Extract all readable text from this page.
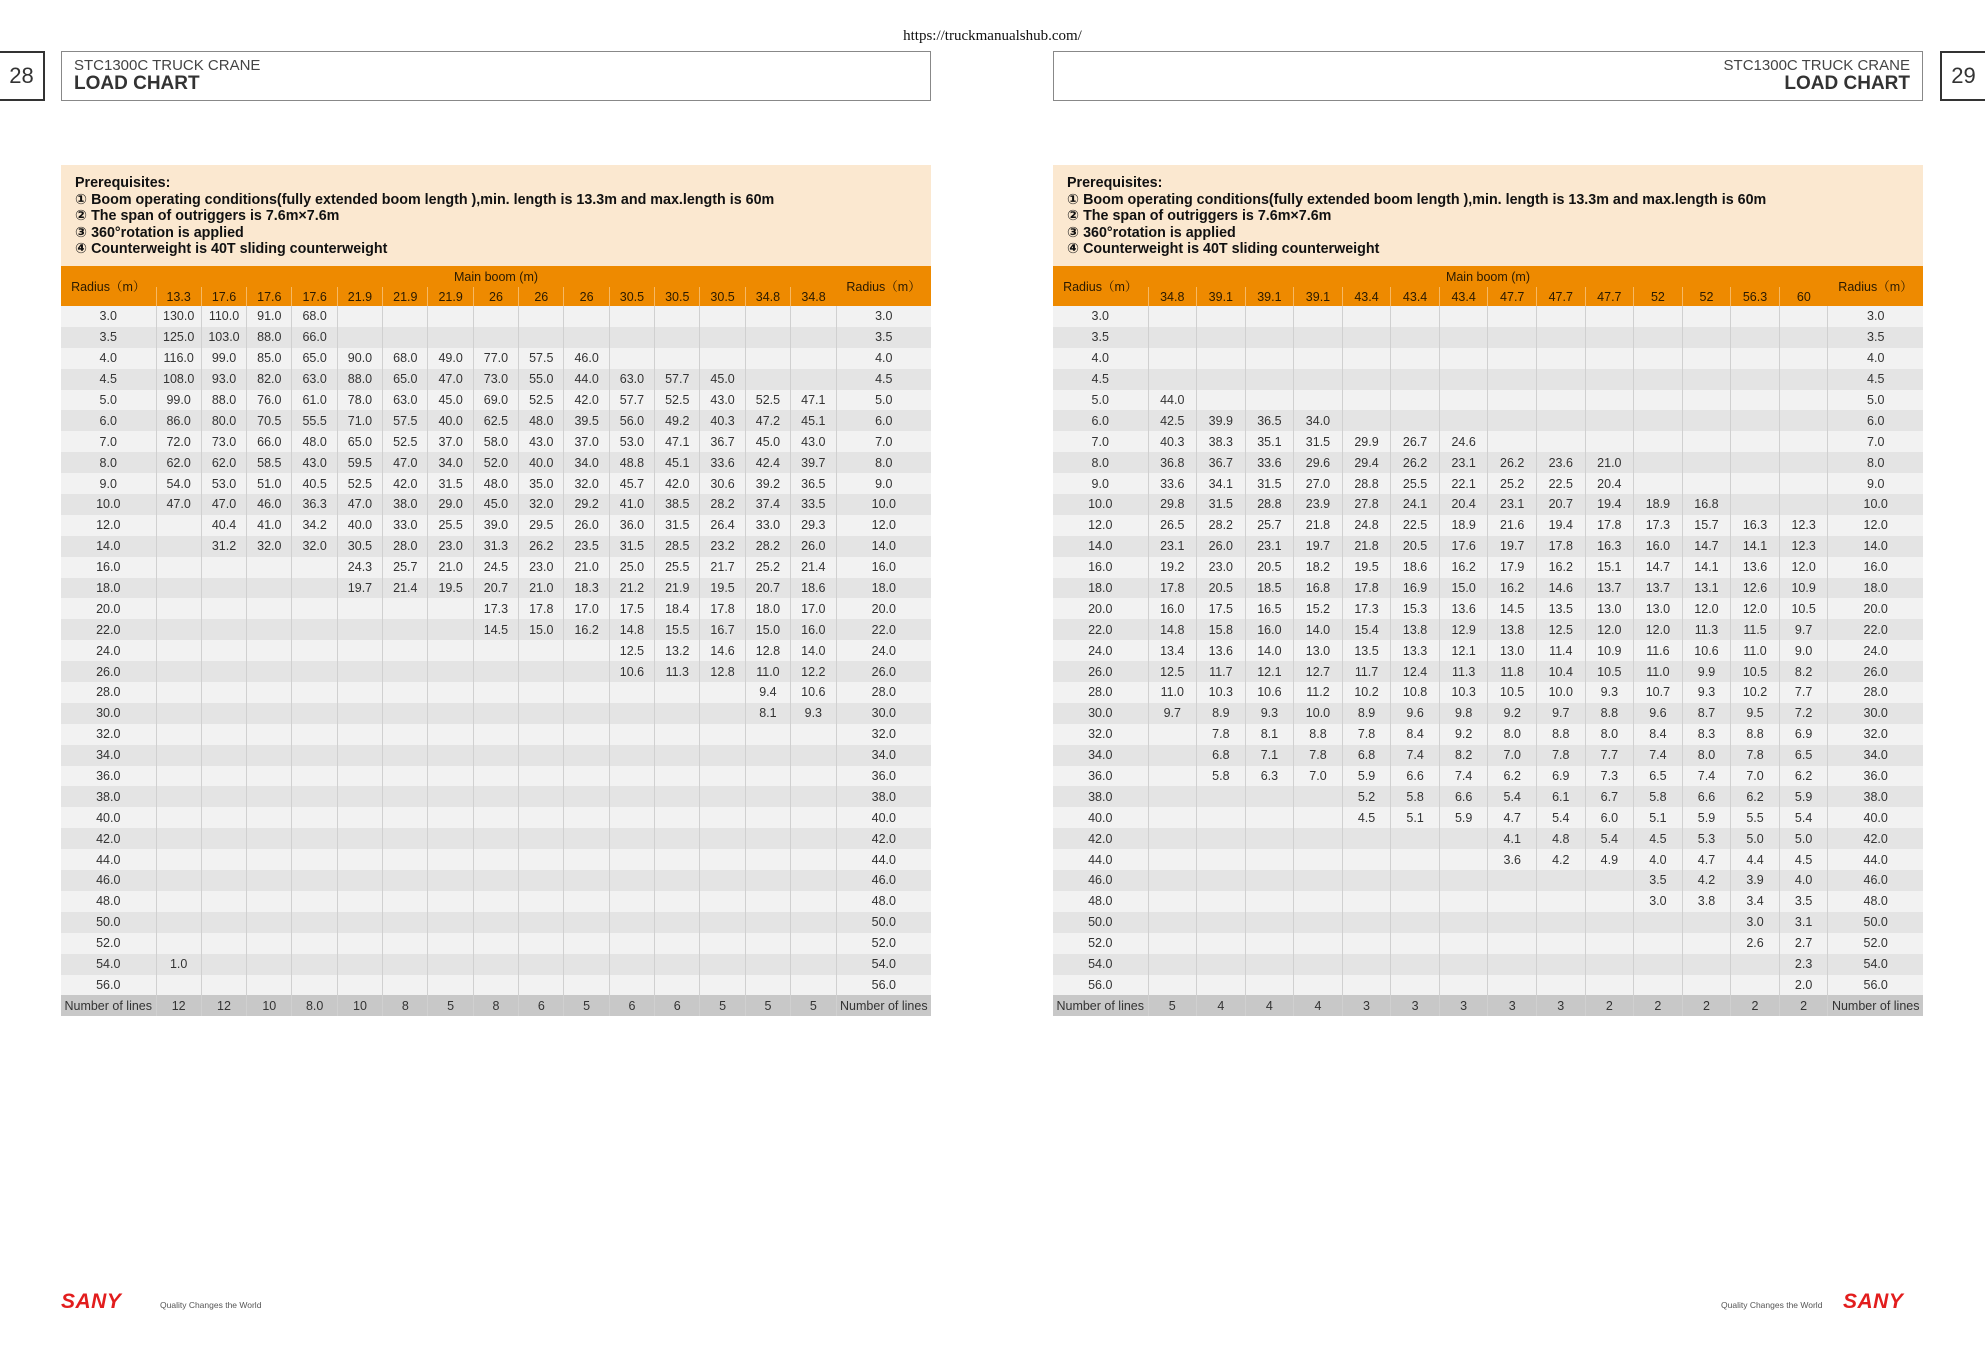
https://truckmanualshub.com/
28	STC1300C TRUCK CRANE
LOAD CHART
Prerequisites:
① Boom operating conditions(fully extended boom length ),min. length is 13.3m and max.length is 60m
② The span of outriggers is 7.6m×7.6m
③ 360°rotation is applied
④ Counterweight is 40T sliding counterweight
Radius（m）	Main boom (m)															Radius（m）
	13.3	17.6	17.6	17.6	21.9	21.9	21.9	26	26	26	30.5	30.5	30.5	34.8	34.8	
3.0	130.0	110.0	91.0	68.0												3.0
3.5	125.0	103.0	88.0	66.0												3.5
4.0	116.0	99.0	85.0	65.0	90.0	68.0	49.0	77.0	57.5	46.0						4.0
4.5	108.0	93.0	82.0	63.0	88.0	65.0	47.0	73.0	55.0	44.0	63.0	57.7	45.0			4.5
5.0	99.0	88.0	76.0	61.0	78.0	63.0	45.0	69.0	52.5	42.0	57.7	52.5	43.0	52.5	47.1	5.0
6.0	86.0	80.0	70.5	55.5	71.0	57.5	40.0	62.5	48.0	39.5	56.0	49.2	40.3	47.2	45.1	6.0
7.0	72.0	73.0	66.0	48.0	65.0	52.5	37.0	58.0	43.0	37.0	53.0	47.1	36.7	45.0	43.0	7.0
8.0	62.0	62.0	58.5	43.0	59.5	47.0	34.0	52.0	40.0	34.0	48.8	45.1	33.6	42.4	39.7	8.0
9.0	54.0	53.0	51.0	40.5	52.5	42.0	31.5	48.0	35.0	32.0	45.7	42.0	30.6	39.2	36.5	9.0
10.0	47.0	47.0	46.0	36.3	47.0	38.0	29.0	45.0	32.0	29.2	41.0	38.5	28.2	37.4	33.5	10.0
12.0		40.4	41.0	34.2	40.0	33.0	25.5	39.0	29.5	26.0	36.0	31.5	26.4	33.0	29.3	12.0
14.0		31.2	32.0	32.0	30.5	28.0	23.0	31.3	26.2	23.5	31.5	28.5	23.2	28.2	26.0	14.0
16.0					24.3	25.7	21.0	24.5	23.0	21.0	25.0	25.5	21.7	25.2	21.4	16.0
18.0					19.7	21.4	19.5	20.7	21.0	18.3	21.2	21.9	19.5	20.7	18.6	18.0
20.0								17.3	17.8	17.0	17.5	18.4	17.8	18.0	17.0	20.0
22.0								14.5	15.0	16.2	14.8	15.5	16.7	15.0	16.0	22.0
24.0											12.5	13.2	14.6	12.8	14.0	24.0
26.0											10.6	11.3	12.8	11.0	12.2	26.0
28.0														9.4	10.6	28.0
30.0														8.1	9.3	30.0
32.0																32.0
34.0																34.0
36.0																36.0
38.0																38.0
40.0																40.0
42.0																42.0
44.0																44.0
46.0																46.0
48.0																48.0
50.0																50.0
52.0																52.0
54.0	1.0															54.0
56.0																56.0
Number of lines	12	12	10	8.0	10	8	5	8	6	5	6	6	5	5	5	Number of lines
STC1300C TRUCK CRANE
LOAD CHART	29
Prerequisites:
① Boom operating conditions(fully extended boom length ),min. length is 13.3m and max.length is 60m
② The span of outriggers is 7.6m×7.6m
③ 360°rotation is applied
④ Counterweight is 40T sliding counterweight
Radius（m）	Main boom (m)														Radius（m）
	34.8	39.1	39.1	39.1	43.4	43.4	43.4	47.7	47.7	47.7	52	52	56.3	60	
3.0															3.0
3.5															3.5
4.0															4.0
4.5															4.5
5.0	44.0														5.0
6.0	42.5	39.9	36.5	34.0											6.0
7.0	40.3	38.3	35.1	31.5	29.9	26.7	24.6								7.0
8.0	36.8	36.7	33.6	29.6	29.4	26.2	23.1	26.2	23.6	21.0					8.0
9.0	33.6	34.1	31.5	27.0	28.8	25.5	22.1	25.2	22.5	20.4					9.0
10.0	29.8	31.5	28.8	23.9	27.8	24.1	20.4	23.1	20.7	19.4	18.9	16.8			10.0
12.0	26.5	28.2	25.7	21.8	24.8	22.5	18.9	21.6	19.4	17.8	17.3	15.7	16.3	12.3	12.0
14.0	23.1	26.0	23.1	19.7	21.8	20.5	17.6	19.7	17.8	16.3	16.0	14.7	14.1	12.3	14.0
16.0	19.2	23.0	20.5	18.2	19.5	18.6	16.2	17.9	16.2	15.1	14.7	14.1	13.6	12.0	16.0
18.0	17.8	20.5	18.5	16.8	17.8	16.9	15.0	16.2	14.6	13.7	13.7	13.1	12.6	10.9	18.0
20.0	16.0	17.5	16.5	15.2	17.3	15.3	13.6	14.5	13.5	13.0	13.0	12.0	12.0	10.5	20.0
22.0	14.8	15.8	16.0	14.0	15.4	13.8	12.9	13.8	12.5	12.0	12.0	11.3	11.5	9.7	22.0
24.0	13.4	13.6	14.0	13.0	13.5	13.3	12.1	13.0	11.4	10.9	11.6	10.6	11.0	9.0	24.0
26.0	12.5	11.7	12.1	12.7	11.7	12.4	11.3	11.8	10.4	10.5	11.0	9.9	10.5	8.2	26.0
28.0	11.0	10.3	10.6	11.2	10.2	10.8	10.3	10.5	10.0	9.3	10.7	9.3	10.2	7.7	28.0
30.0	9.7	8.9	9.3	10.0	8.9	9.6	9.8	9.2	9.7	8.8	9.6	8.7	9.5	7.2	30.0
32.0		7.8	8.1	8.8	7.8	8.4	9.2	8.0	8.8	8.0	8.4	8.3	8.8	6.9	32.0
34.0		6.8	7.1	7.8	6.8	7.4	8.2	7.0	7.8	7.7	7.4	8.0	7.8	6.5	34.0
36.0		5.8	6.3	7.0	5.9	6.6	7.4	6.2	6.9	7.3	6.5	7.4	7.0	6.2	36.0
38.0					5.2	5.8	6.6	5.4	6.1	6.7	5.8	6.6	6.2	5.9	38.0
40.0					4.5	5.1	5.9	4.7	5.4	6.0	5.1	5.9	5.5	5.4	40.0
42.0								4.1	4.8	5.4	4.5	5.3	5.0	5.0	42.0
44.0								3.6	4.2	4.9	4.0	4.7	4.4	4.5	44.0
46.0											3.5	4.2	3.9	4.0	46.0
48.0											3.0	3.8	3.4	3.5	48.0
50.0													3.0	3.1	50.0
52.0													2.6	2.7	52.0
54.0														2.3	54.0
56.0														2.0	56.0
Number of lines	5	4	4	4	3	3	3	3	3	2	2	2	2	2	Number of lines
SANY	Quality Changes the World	Quality Changes the World SANY
